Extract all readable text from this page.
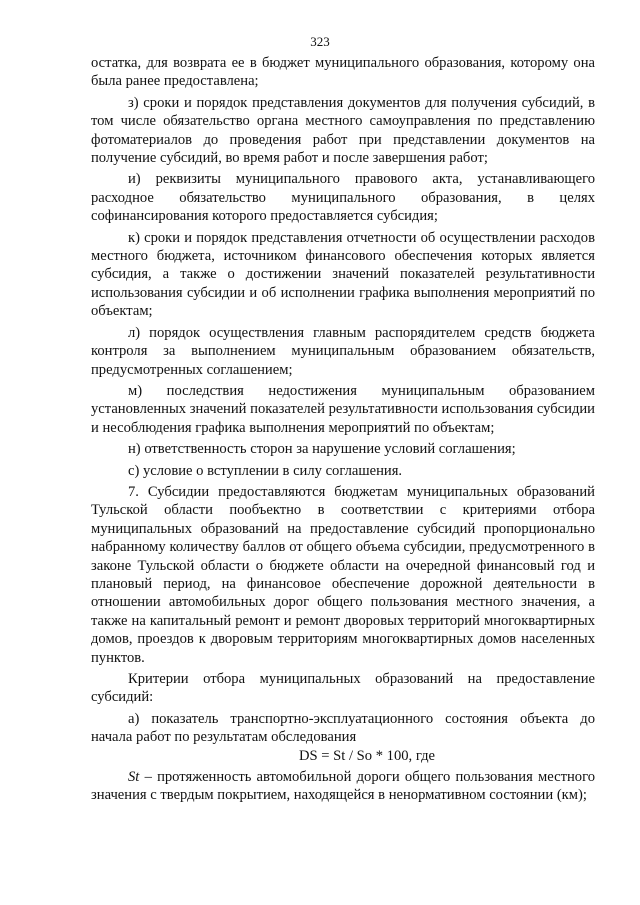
323

остатка, для возврата ее в бюджет муниципального образования, которому она была ранее предоставлена;

з) сроки и порядок представления документов для получения субсидий, в том числе обязательство органа местного самоуправления по представлению фотоматериалов до проведения работ при представлении документов на получение субсидий, во время работ и после завершения работ;

и) реквизиты муниципального правового акта, устанавливающего расходное обязательство муниципального образования, в целях софинансирования которого предоставляется субсидия;

к) сроки и порядок представления отчетности об осуществлении расходов местного бюджета, источником финансового обеспечения которых является субсидия, а также о достижении значений показателей результативности использования субсидии и об исполнении графика выполнения мероприятий по объектам;

л) порядок осуществления главным распорядителем средств бюджета контроля за выполнением муниципальным образованием обязательств, предусмотренных соглашением;

м) последствия недостижения муниципальным образованием установленных значений показателей результативности использования субсидии и несоблюдения графика выполнения мероприятий по объектам;

н) ответственность сторон за нарушение условий соглашения;

с) условие о вступлении в силу соглашения.

7. Субсидии предоставляются бюджетам муниципальных образований Тульской области пообъектно в соответствии с критериями отбора муниципальных образований на предоставление субсидий пропорционально набранному количеству баллов от общего объема субсидии, предусмотренного в законе Тульской области о бюджете области на очередной финансовый год и плановый период, на финансовое обеспечение дорожной деятельности в отношении автомобильных дорог общего пользования местного значения, а также на капитальный ремонт и ремонт дворовых территорий многоквартирных домов, проездов к дворовым территориям многоквартирных домов населенных пунктов.

Критерии отбора муниципальных образований на предоставление субсидий:

а) показатель транспортно-эксплуатационного состояния объекта до начала работ по результатам обследования

DS = St / So * 100, где

St – протяженность автомобильной дороги общего пользования местного значения с твердым покрытием, находящейся в ненормативном состоянии (км);
